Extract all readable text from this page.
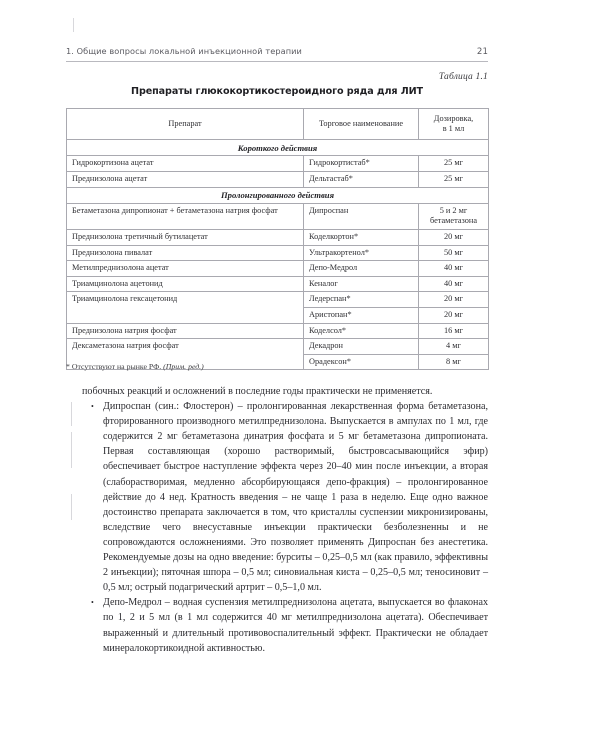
1. Общие вопросы локальной инъекционной терапии	21
Таблица 1.1
Препараты глюкокортикостероидного ряда для ЛИТ
Препарат	Торговое наименование	Дозировка,
в 1 мл

Короткого действия		
Гидрокортизона ацетат	Гидрокортистаб*	25 мг
Преднизолона ацетат	Дельтастаб*	25 мг
Пролонгированного действия		
Бетаметазона дипропионат + бетаметазона натрия фосфат	Дипроспан	5 и 2 мг
бетаметазона

Преднизолона третичный бутилацетат	Коделкортон*	20 мг
Преднизолона пивалат	Ультракортенол*	50 мг
Метилпреднизолона ацетат	Депо-Медрол	40 мг
Триамцинолона ацетонид	Кеналог	40 мг
Триамцинолона гексацетонид	Ледерспан*	20 мг
	Аристопан*	20 мг
Преднизолона натрия фосфат	Коделсол*	16 мг
Дексаметазона натрия фосфат	Декадрон	4 мг
	Орадексон*	8 мг
* Отсутствуют на рынке РФ. (Прим. ред.)

побочных реакций и осложнений в последние годы практически не применяется.

• Дипроспан (син.: Флостерон) – пролонгированная лекарственная форма бетаметазона, фторированного производного метилпреднизолона. Выпускается в ампулах по 1 мл, где содержится 2 мг бетаметазона динатрия фосфата и 5 мг бетаметазона дипропионата. Первая составляющая (хорошо растворимый, быстровсасывающийся эфир) обеспечивает быстрое наступление эффекта через 20–40 мин после инъекции, а вторая (слаборастворимая, медленно абсорбирующаяся депо-фракция) – пролонгированное действие до 4 нед. Кратность введения – не чаще 1 раза в неделю. Еще одно важное достоинство препарата заключается в том, что кристаллы суспензии микронизированы, вследствие чего внесуставные инъекции практически безболезненны и не сопровождаются осложнениями. Это позволяет применять Дипроспан без анестетика. Рекомендуемые дозы на одно введение: бурситы – 0,25–0,5 мл (как правило, эффективны 2 инъекции); пяточная шпора – 0,5 мл; синовиальная киста – 0,25–0,5 мл; теносиновит – 0,5 мл; острый подагрический артрит – 0,5–1,0 мл.
• Депо-Медрол – водная суспензия метилпреднизолона ацетата, выпускается во флаконах по 1, 2 и 5 мл (в 1 мл содержится 40 мг метилпреднизолона ацетата). Обеспечивает выраженный и длительный противовоспалительный эффект. Практически не обладает минералокортикоидной активностью.
